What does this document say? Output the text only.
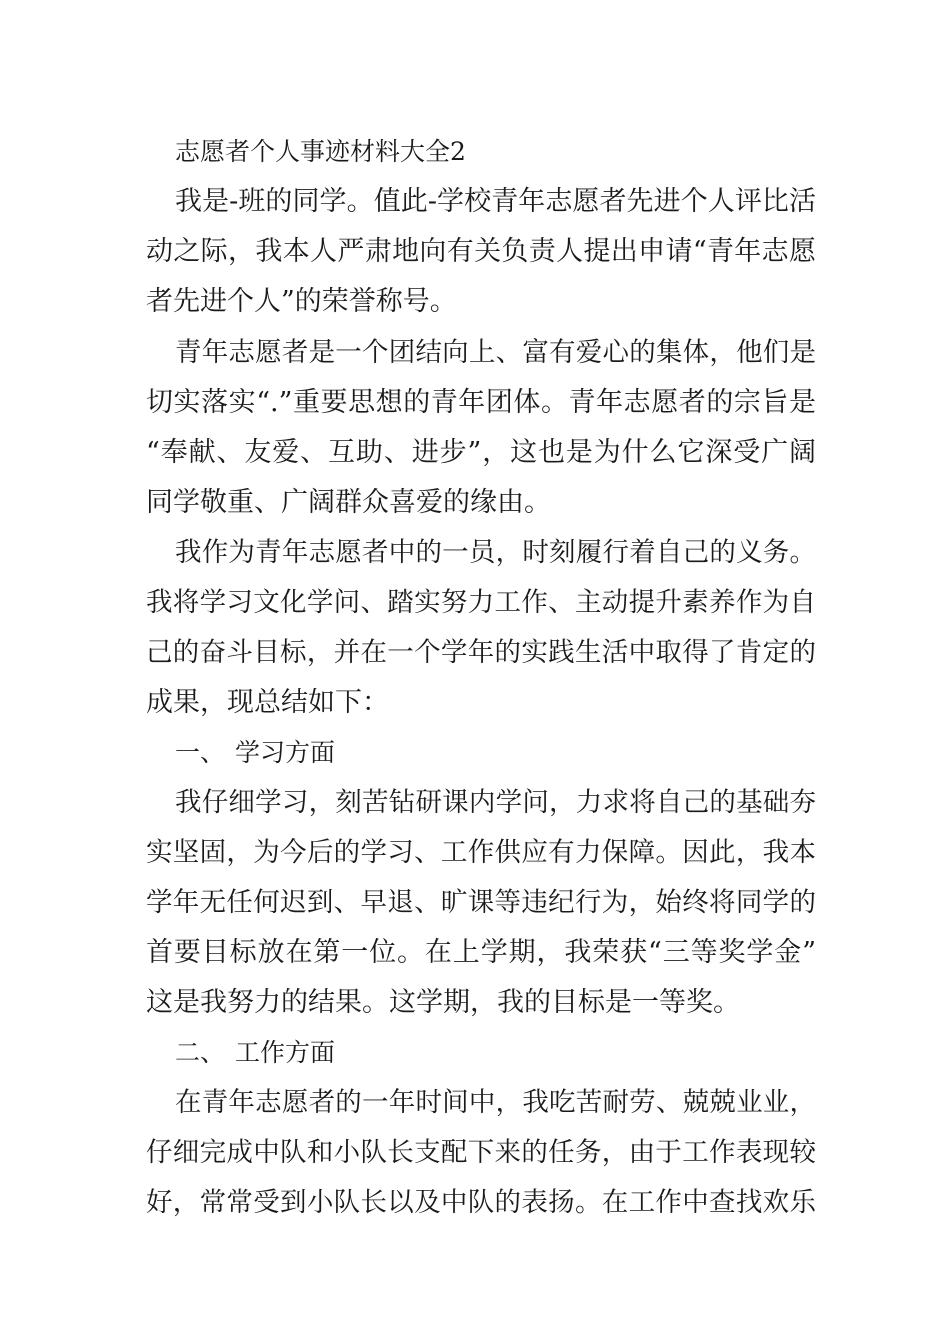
志愿者个人事迹材料大全2
我是-班的同学。值此-学校青年志愿者先进个人评比活
动之际，我本人严肃地向有关负责人提出申请“青年志愿
者先进个人”的荣誉称号。
青年志愿者是一个团结向上、富有爱心的集体，他们是
切实落实“.”重要思想的青年团体。青年志愿者的宗旨是
“奉献、友爱、互助、进步”，这也是为什么它深受广阔
同学敬重、广阔群众喜爱的缘由。
我作为青年志愿者中的一员，时刻履行着自己的义务。
我将学习文化学问、踏实努力工作、主动提升素养作为自
己的奋斗目标，并在一个学年的实践生活中取得了肯定的
成果，现总结如下：
一、 学习方面
我仔细学习，刻苦钻研课内学问，力求将自己的基础夯
实坚固，为今后的学习、工作供应有力保障。因此，我本
学年无任何迟到、早退、旷课等违纪行为，始终将同学的
首要目标放在第一位。在上学期，我荣获“三等奖学金”
这是我努力的结果。这学期，我的目标是一等奖。
二、 工作方面
在青年志愿者的一年时间中，我吃苦耐劳、兢兢业业，
仔细完成中队和小队长支配下来的任务，由于工作表现较
好，常常受到小队长以及中队的表扬。在工作中查找欢乐
